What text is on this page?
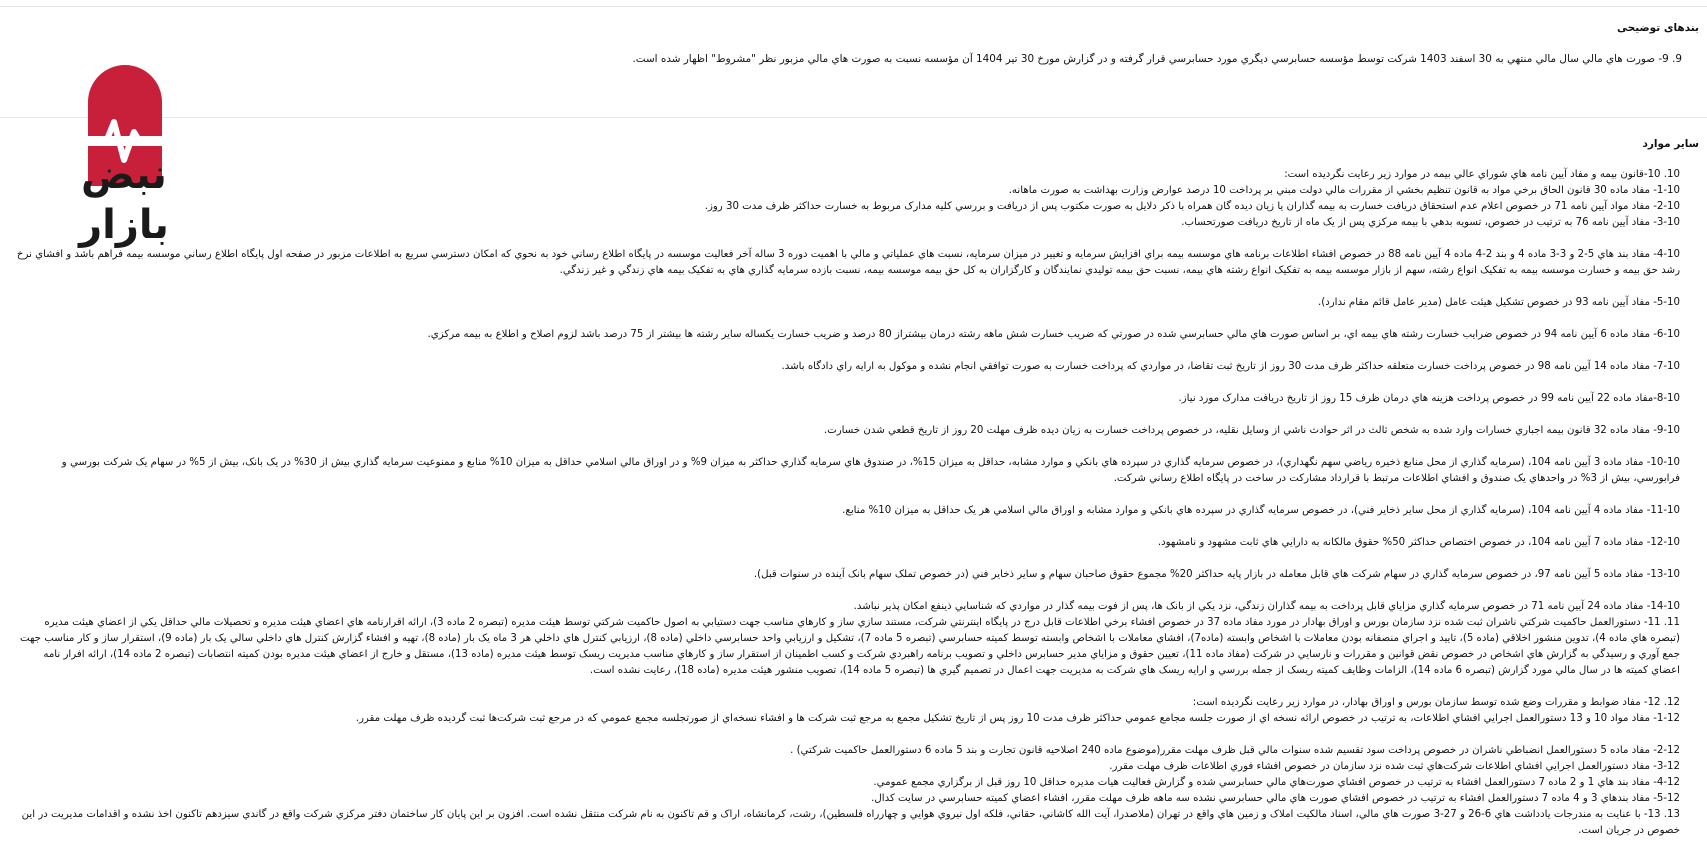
بندهای توضیحی
9. 9- صورت هاي مالي سال مالي منتهي به 30 اسفند 1403 شركت توسط مؤسسه حسابرسي ديگري مورد حسابرسي قرار گرفته و در گزارش مورخ 30 تیر 1404 آن مؤسسه نسبت به صورت هاي مالي مزبور نظر "مشروط" اظهار شده است.
سایر موارد
نبض بازار
10. 10-قانون بیمه و مفاد آیین نامه هاي شوراي عالي بیمه در موارد زیر رعایت نگردیده است:
1-10- مفاد ماده 30 قانون الحاق برخي مواد به قانون تنظیم بخشي از مقررات مالي دولت مبني بر پرداخت 10 درصد عوارض وزارت بهداشت به صورت ماهانه.
2-10- مفاد مواد آیین نامه 71 در خصوص اعلام عدم استحقاق دریافت خسارت به بیمه گذاران یا زیان دیده گان همراه با ذکر دلایل به صورت مکتوب پس از دریافت و بررسي کلیه مدارک مربوط به خسارت حداکثر ظرف مدت 30 روز.
3-10- مفاد آیین نامه 76 به ترتیب در خصوص، تسویه بدهي با بیمه مرکزي پس از یک ماه از تاریخ دریافت صورتحساب.
4-10- مفاد بند هاي 5-2 و 3-3 ماده 4 و بند 2-4 ماده 4 آیین نامه 88 در خصوص افشاء اطلاعات برنامه هاي موسسه بیمه براي افزایش سرمایه و تغییر در میزان سرمایه، نسبت هاي عملیاتي و مالي با اهمیت دوره 3 ساله آخر فعالیت موسسه در پایگاه اطلاع رساني خود به نحوي که امکان دسترسي سریع به اطلاعات مزبور در صفحه اول پایگاه اطلاع رساني موسسه بیمه فراهم باشد و افشاي نرخ رشد حق بیمه و خسارت موسسه بیمه به تفکیک انواع رشته، سهم از بازار موسسه بیمه به تفکیک انواع رشته هاي بیمه، نسبت حق بیمه تولیدي نمایندگان و کارگزاران به کل حق بیمه موسسه بیمه، نسبت بازده سرمایه گذاري هاي به تفکیک بیمه هاي زندگي و غیر زندگي.
5-10- مفاد آیین نامه 93 در خصوص تشکیل هیئت عامل (مدیر عامل قائم مقام ندارد).
6-10- مفاد ماده 6 آیین نامه 94 در خصوص ضرایب خسارت رشته هاي بیمه اي، بر اساس صورت هاي مالي حسابرسي شده در صورتي که ضریب خسارت شش ماهه رشته درمان بیشتراز 80 درصد و ضریب خسارت یکساله سایر رشته ها بیشتر از 75 درصد باشد لزوم اصلاح و اطلاع به بیمه مرکزي.
7-10- مفاد ماده 14 آیین نامه 98 در خصوص پرداخت خسارت متعلقه حداکثر ظرف مدت 30 روز از تاریخ ثبت تقاضا، در مواردي که پرداخت خسارت به صورت توافقي انجام نشده و موکول به ارایه راي دادگاه باشد.
8-10-مفاد ماده 22 آیین نامه 99 در خصوص پرداخت هزینه هاي درمان ظرف 15 روز از تاریخ دریافت مدارک مورد نیاز.
9-10- مفاد ماده 32 قانون بیمه اجباري خسارات وارد شده به شخص ثالث در اثر حوادث ناشي از وسایل نقلیه، در خصوص پرداخت خسارت به زیان دیده ظرف مهلت 20 روز از تاریخ قطعي شدن خسارت.
10-10- مفاد ماده 3 آیین نامه 104، (سرمایه گذاري از محل منابع ذخیره ریاضي سهم نگهداري)، در خصوص سرمایه گذاري در سپرده هاي بانکي و موارد مشابه، حداقل به میزان 15%، در صندوق هاي سرمایه گذاري حداکثر به میزان 9% و در اوراق مالي اسلامي حداقل به میزان 10% منابع و ممنوعیت سرمایه گذاري بیش از 30% در یک بانک، بیش از 5% در سهام یک شرکت بورسي و فرابورسي، بیش از 3% در واحدهاي یک صندوق و افشاي اطلاعات مرتبط با قرارداد مشارکت در ساخت در پایگاه اطلاع رساني شرکت.
11-10- مفاد ماده 4 آیین نامه 104، (سرمایه گذاري از محل سایر ذخایر فني)، در خصوص سرمایه گذاري در سپرده هاي بانکي و موارد مشابه و اوراق مالي اسلامي هر یک حداقل به میزان 10% منابع.
12-10- مفاد ماده 7 آیین نامه 104، در خصوص اختصاص حداکثر 50% حقوق مالکانه به دارایي هاي ثابت مشهود و نامشهود.
13-10- مفاد ماده 5 آیین نامه 97، در خصوص سرمایه گذاري در سهام شرکت هاي قابل معامله در بازار پایه حداکثر 20% مجموع حقوق صاحبان سهام و سایر ذخایر فني (در خصوص تملک سهام بانک آینده در سنوات قبل).
14-10- مفاد ماده 24 آیین نامه 71 در خصوص سرمایه گذاري مزایاي قابل پرداخت به بیمه گذاران زندگي، نزد یکي از بانک ها، پس از فوت بیمه گذار در مواردي که شناسایي ذینفع امکان پذیر نباشد.
11. 11- دستورالعمل حاکمیت شرکتي ناشران ثبت شده نزد سازمان بورس و اوراق بهادار در مورد مفاد ماده 37 در خصوص افشاء برخي اطلاعات قابل درج در پایگاه اینترنتي شرکت، مستند سازي ساز و کارهاي مناسب جهت دستیابي به اصول حاکمیت شرکتي توسط هیئت مدیره (تبصره 2 ماده 3)، ارائه اقرارنامه هاي اعضاي هیئت مدیره و تحصیلات مالي حداقل یکي از اعضاي هیئت مدیره (تبصره هاي ماده 4)، تدوین منشور اخلاقي (ماده 5)، تایید و اجراي منصفانه بودن معاملات با اشخاص وابسته (ماده7)، افشاي معاملات با اشخاص وابسته توسط کمیته حسابرسي (تبصره 5 ماده 7)، تشکیل و ارزیابي واحد حسابرسي داخلي (ماده 8)، ارزیابي کنترل هاي داخلي هر 3 ماه یک بار (ماده 8)، تهیه و افشاء گزارش کنترل هاي داخلي سالي یک بار (ماده 9)، استقرار ساز و کار مناسب جهت جمع آوري و رسیدگي به گزارش هاي اشخاص در خصوص نقض قوانین و مقررات و نارسایي در شرکت (مفاد ماده 11)، تعیین حقوق و مزایاي مدیر حسابرس داخلي و تصویب برنامه راهبردي شرکت و کسب اطمینان از استقرار ساز و کارهاي مناسب مدیریت ریسک توسط هیئت مدیره (ماده 13)، مستقل و خارج از اعضاي هیئت مدیره بودن کمیته انتصابات (تبصره 2 ماده 14)، ارائه افرار نامه اعضاي کمیته ها در سال مالي مورد گزارش (تبصره 6 ماده 14)، الزامات وظایف کمیته ریسک از جمله بررسي و ارایه ریسک هاي شرکت به مدیریت جهت اعمال در تصمیم گیري ها (تبصره 5 ماده 14)، تصویب منشور هیئت مدیره (ماده 18)، رعایت نشده است.
12. 12- مفاد ضوابط و مقررات وضع شده توسط سازمان بورس و اوراق بهادار، در موارد زیر رعایت نگردیده است:
1-12- مفاد مواد 10 و 13 دستورالعمل اجرایي افشاي اطلاعات، به ترتیب در خصوص ارائه نسخه اي از صورت جلسه مجامع عمومي حداکثر ظرف مدت 10 روز پس از تاریخ تشکیل مجمع به مرجع ثبت شرکت ها و افشاء نسخه‌اي از صورتجلسه مجمع عمومي که در مرجع ثبت شرکت‌ها ثبت گردیده ظرف مهلت مقرر.
2-12- مفاد ماده 5 دستورالعمل انضباطي ناشران در خصوص پرداخت سود تقسیم شده سنوات مالي قبل ظرف مهلت مقرر(موضوع ماده 240 اصلاحیه قانون تجارت و بند 5 ماده 6 دستورالعمل حاکمیت شرکتي) .
3-12- مفاد دستورالعمل اجرایي افشاي اطلاعات شرکت‌هاي ثبت شده نزد سازمان در خصوص افشاء فوري اطلاعات ظرف مهلت مقرر.
4-12- مفاد بند هاي 1 و 2 ماده 7 دستورالعمل افشاء به ترتیب در خصوص افشاي صورت‌هاي مالي حسابرسي شده و گزارش فعالیت هیات مدیره حداقل 10 روز قبل از برگزاري مجمع عمومي.
5-12- مفاد بندهاي 3 و 4 ماده 7 دستورالعمل افشاء به ترتیب در خصوص افشاي صورت هاي مالي حسابرسي نشده سه ماهه ظرف مهلت مقرر، افشاء اعضاي کمیته حسابرسي در سایت کدال.
13. 13- با عنایت به مندرجات یادداشت هاي 6-26 و 27-3 صورت هاي مالي، اسناد مالکیت املاک و زمین هاي واقع در تهران (ملاصدرا، آیت الله کاشاني، حقاني، فلکه اول نیروي هوایي و چهارراه فلسطین)، رشت، کرمانشاه، اراک و قم تاکنون به نام شرکت منتقل نشده است. افزون بر این پایان کار ساختمان دفتر مرکزي شرکت واقع در گاندي سیزدهم تاکنون اخذ نشده و اقدامات مدیریت در این خصوص در جریان است.
